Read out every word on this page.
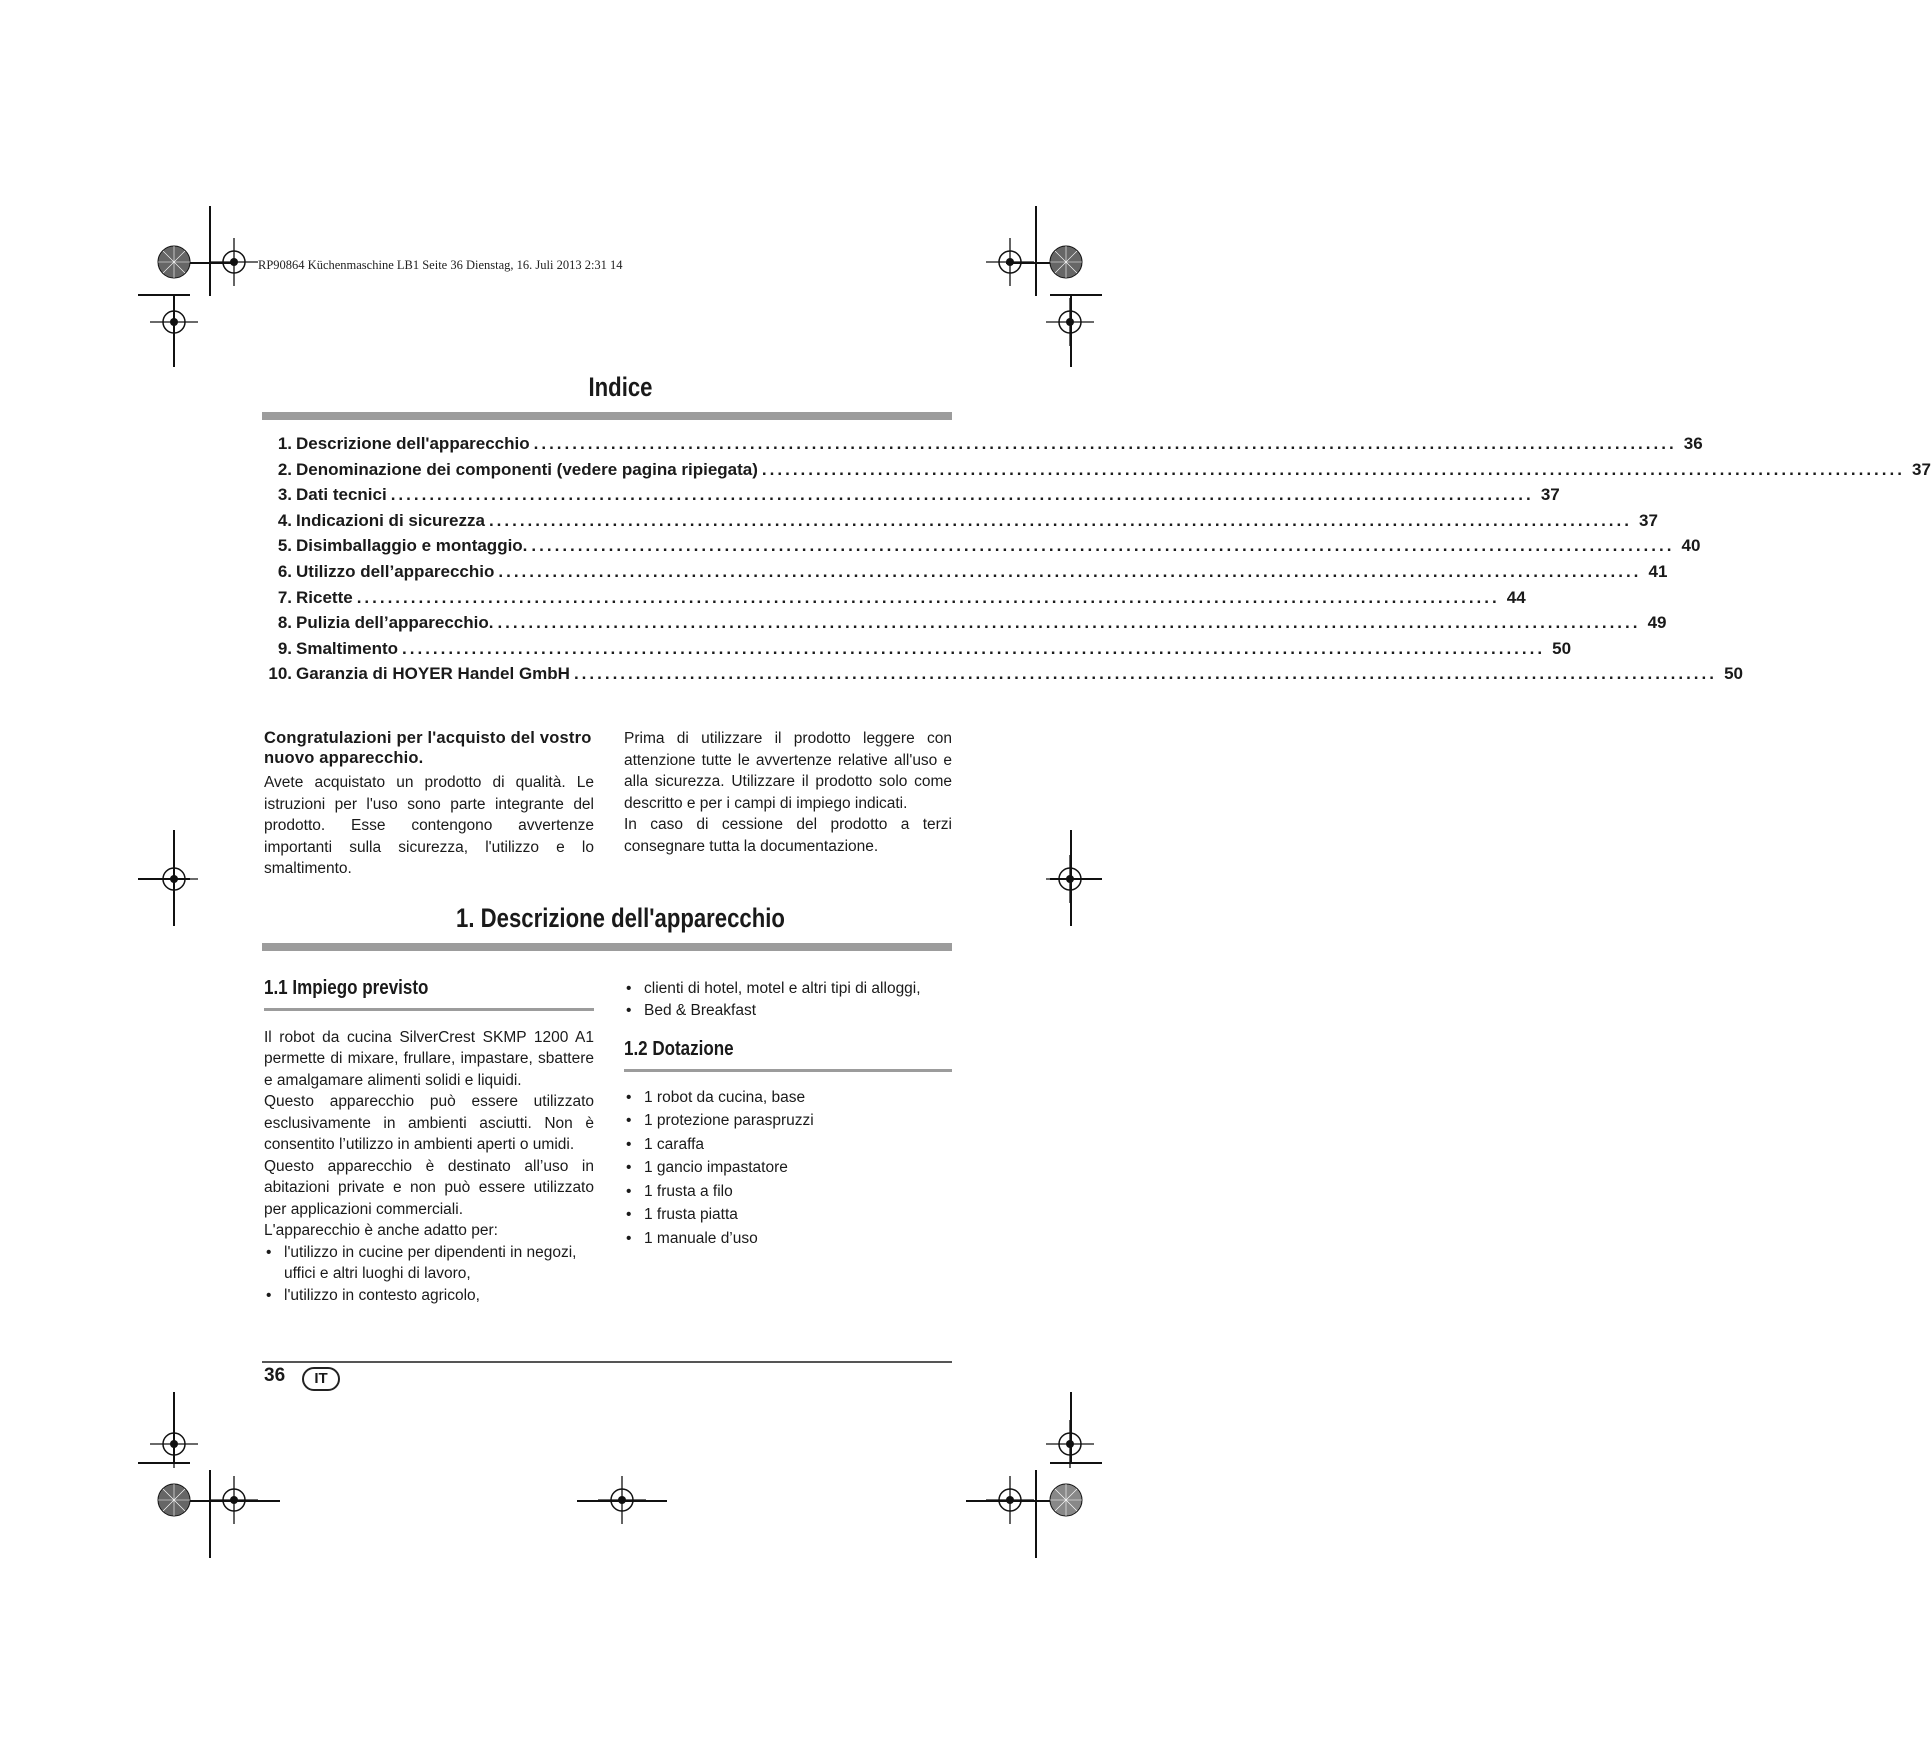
RP90864 Küchenmaschine LB1 Seite 36 Dienstag, 16. Juli 2013 2:31 14
Indice
1. Descrizione dell'apparecchio .................................................................................................................................................... 36
2. Denominazione dei componenti (vedere pagina ripiegata) .................................................................................................................................................... 37
3. Dati tecnici .................................................................................................................................................... 37
4. Indicazioni di sicurezza .................................................................................................................................................... 37
5. Disimballaggio e montaggio. .................................................................................................................................................... 40
6. Utilizzo dell’apparecchio .................................................................................................................................................... 41
7. Ricette .................................................................................................................................................... 44
8. Pulizia dell’apparecchio. .................................................................................................................................................... 49
9. Smaltimento .................................................................................................................................................... 50
10. Garanzia di HOYER Handel GmbH .................................................................................................................................................... 50
Congratulazioni per l'acquisto del vostro nuovo apparecchio.

Avete acquistato un prodotto di qualità. Le istruzioni per l'uso sono parte integrante del prodotto. Esse contengono avvertenze importanti sulla sicurezza, l'utilizzo e lo smaltimento.

Prima di utilizzare il prodotto leggere con attenzione tutte le avvertenze relative all'uso e alla sicurezza. Utilizzare il prodotto solo come descritto e per i campi di impiego indicati.

In caso di cessione del prodotto a terzi consegnare tutta la documentazione.

1. Descrizione dell'apparecchio
1.1 Impiego previsto

Il robot da cucina SilverCrest SKMP 1200 A1 permette di mixare, frullare, impastare, sbattere e amalgamare alimenti solidi e liquidi.

Questo apparecchio può essere utilizzato esclusivamente in ambienti asciutti. Non è consentito l’utilizzo in ambienti aperti o umidi.

Questo apparecchio è destinato all’uso in abitazioni private e non può essere utilizzato per applicazioni commerciali.

L'apparecchio è anche adatto per:

• l'utilizzo in cucine per dipendenti in negozi, uffici e altri luoghi di lavoro,
• l'utilizzo in contesto agricolo,
• clienti di hotel, motel e altri tipi di alloggi,
• Bed & Breakfast
1.2 Dotazione
• 1 robot da cucina, base
• 1 protezione paraspruzzi
• 1 caraffa
• 1 gancio impastatore
• 1 frusta a filo
• 1 frusta piatta
• 1 manuale d’uso
36	IT
